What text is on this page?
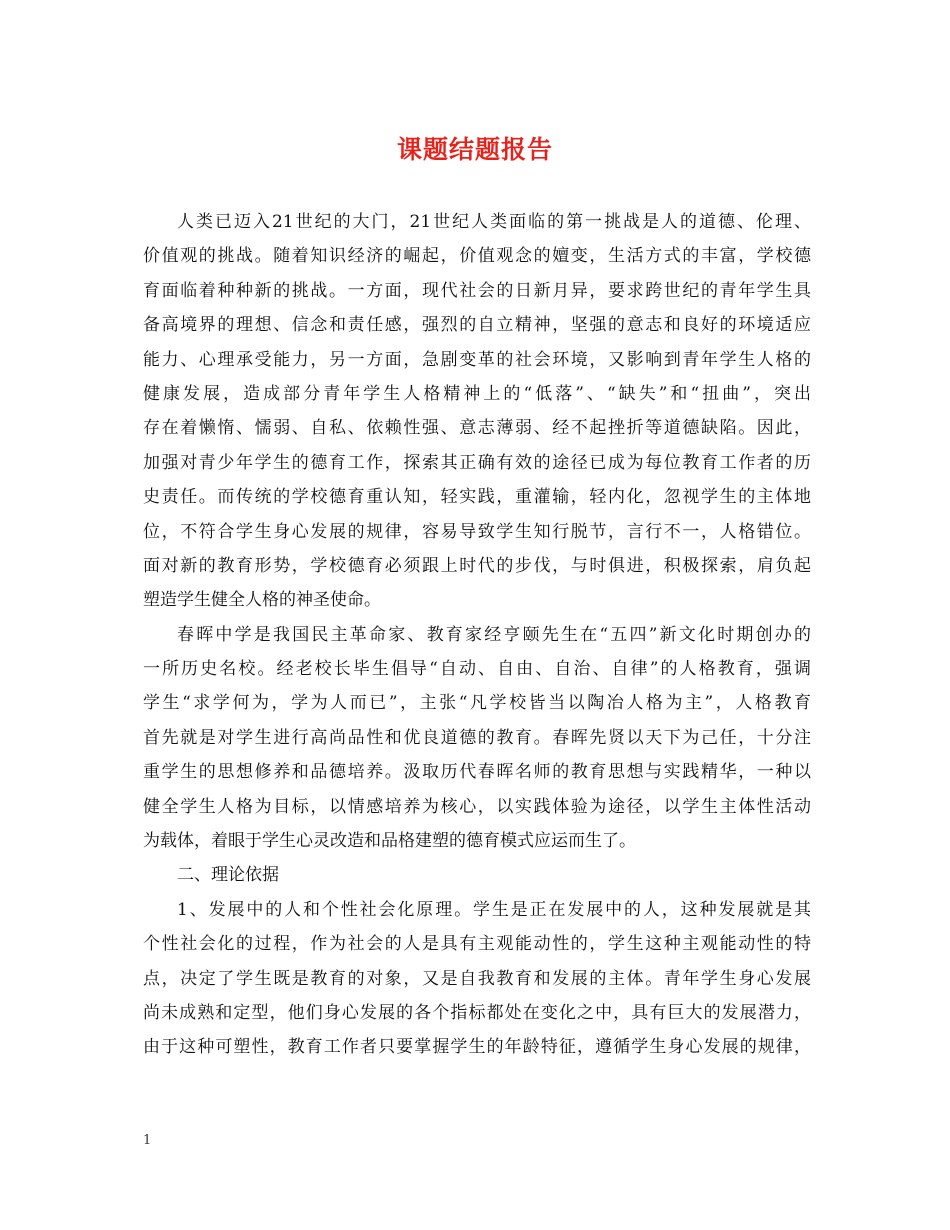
课题结题报告
人类已迈入21世纪的大门，21世纪人类面临的第一挑战是人的道德、伦理、
价值观的挑战。随着知识经济的崛起，价值观念的嬗变，生活方式的丰富，学校德
育面临着种种新的挑战。一方面，现代社会的日新月异，要求跨世纪的青年学生具
备高境界的理想、信念和责任感，强烈的自立精神，坚强的意志和良好的环境适应
能力、心理承受能力，另一方面，急剧变革的社会环境，又影响到青年学生人格的
健康发展，造成部分青年学生人格精神上的“低落”、“缺失”和“扭曲”，突出
存在着懒惰、懦弱、自私、依赖性强、意志薄弱、经不起挫折等道德缺陷。因此，
加强对青少年学生的德育工作，探索其正确有效的途径已成为每位教育工作者的历
史责任。而传统的学校德育重认知，轻实践，重灌输，轻内化，忽视学生的主体地
位，不符合学生身心发展的规律，容易导致学生知行脱节，言行不一，人格错位。
面对新的教育形势，学校德育必须跟上时代的步伐，与时俱进，积极探索，肩负起
塑造学生健全人格的神圣使命。
春晖中学是我国民主革命家、教育家经亨颐先生在“五四”新文化时期创办的
一所历史名校。经老校长毕生倡导“自动、自由、自治、自律”的人格教育，强调
学生“求学何为，学为人而已”，主张“凡学校皆当以陶冶人格为主”，人格教育
首先就是对学生进行高尚品性和优良道德的教育。春晖先贤以天下为己任，十分注
重学生的思想修养和品德培养。汲取历代春晖名师的教育思想与实践精华，一种以
健全学生人格为目标，以情感培养为核心，以实践体验为途径，以学生主体性活动
为载体，着眼于学生心灵改造和品格建塑的德育模式应运而生了。
二、理论依据
1、发展中的人和个性社会化原理。学生是正在发展中的人，这种发展就是其
个性社会化的过程，作为社会的人是具有主观能动性的，学生这种主观能动性的特
点，决定了学生既是教育的对象，又是自我教育和发展的主体。青年学生身心发展
尚未成熟和定型，他们身心发展的各个指标都处在变化之中，具有巨大的发展潜力，
由于这种可塑性，教育工作者只要掌握学生的年龄特征，遵循学生身心发展的规律，
1
